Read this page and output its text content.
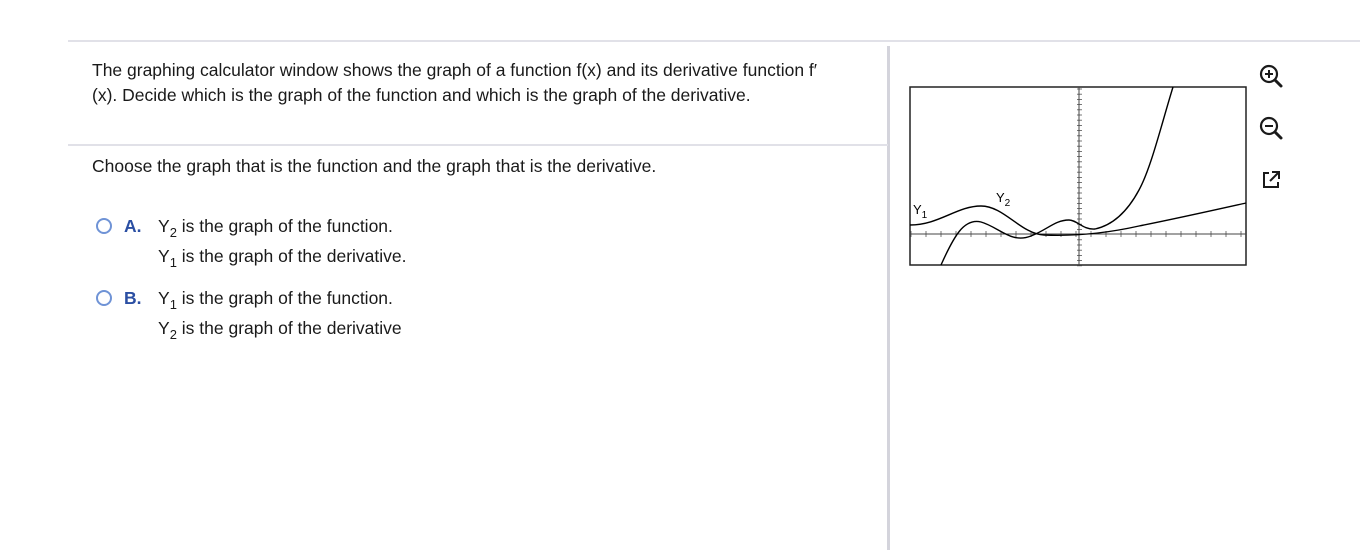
The graphing calculator window shows the graph of a function f(x) and its derivative function f′(x). Decide which is the graph of the function and which is the graph of the derivative.
Choose the graph that is the function and the graph that is the derivative.
A. $Y_2$ is the graph of the function.
$Y_1$ is the graph of the derivative.
B. $Y_1$ is the graph of the function.
$Y_2$ is the graph of the derivative
$Y_1$
$Y_2$
